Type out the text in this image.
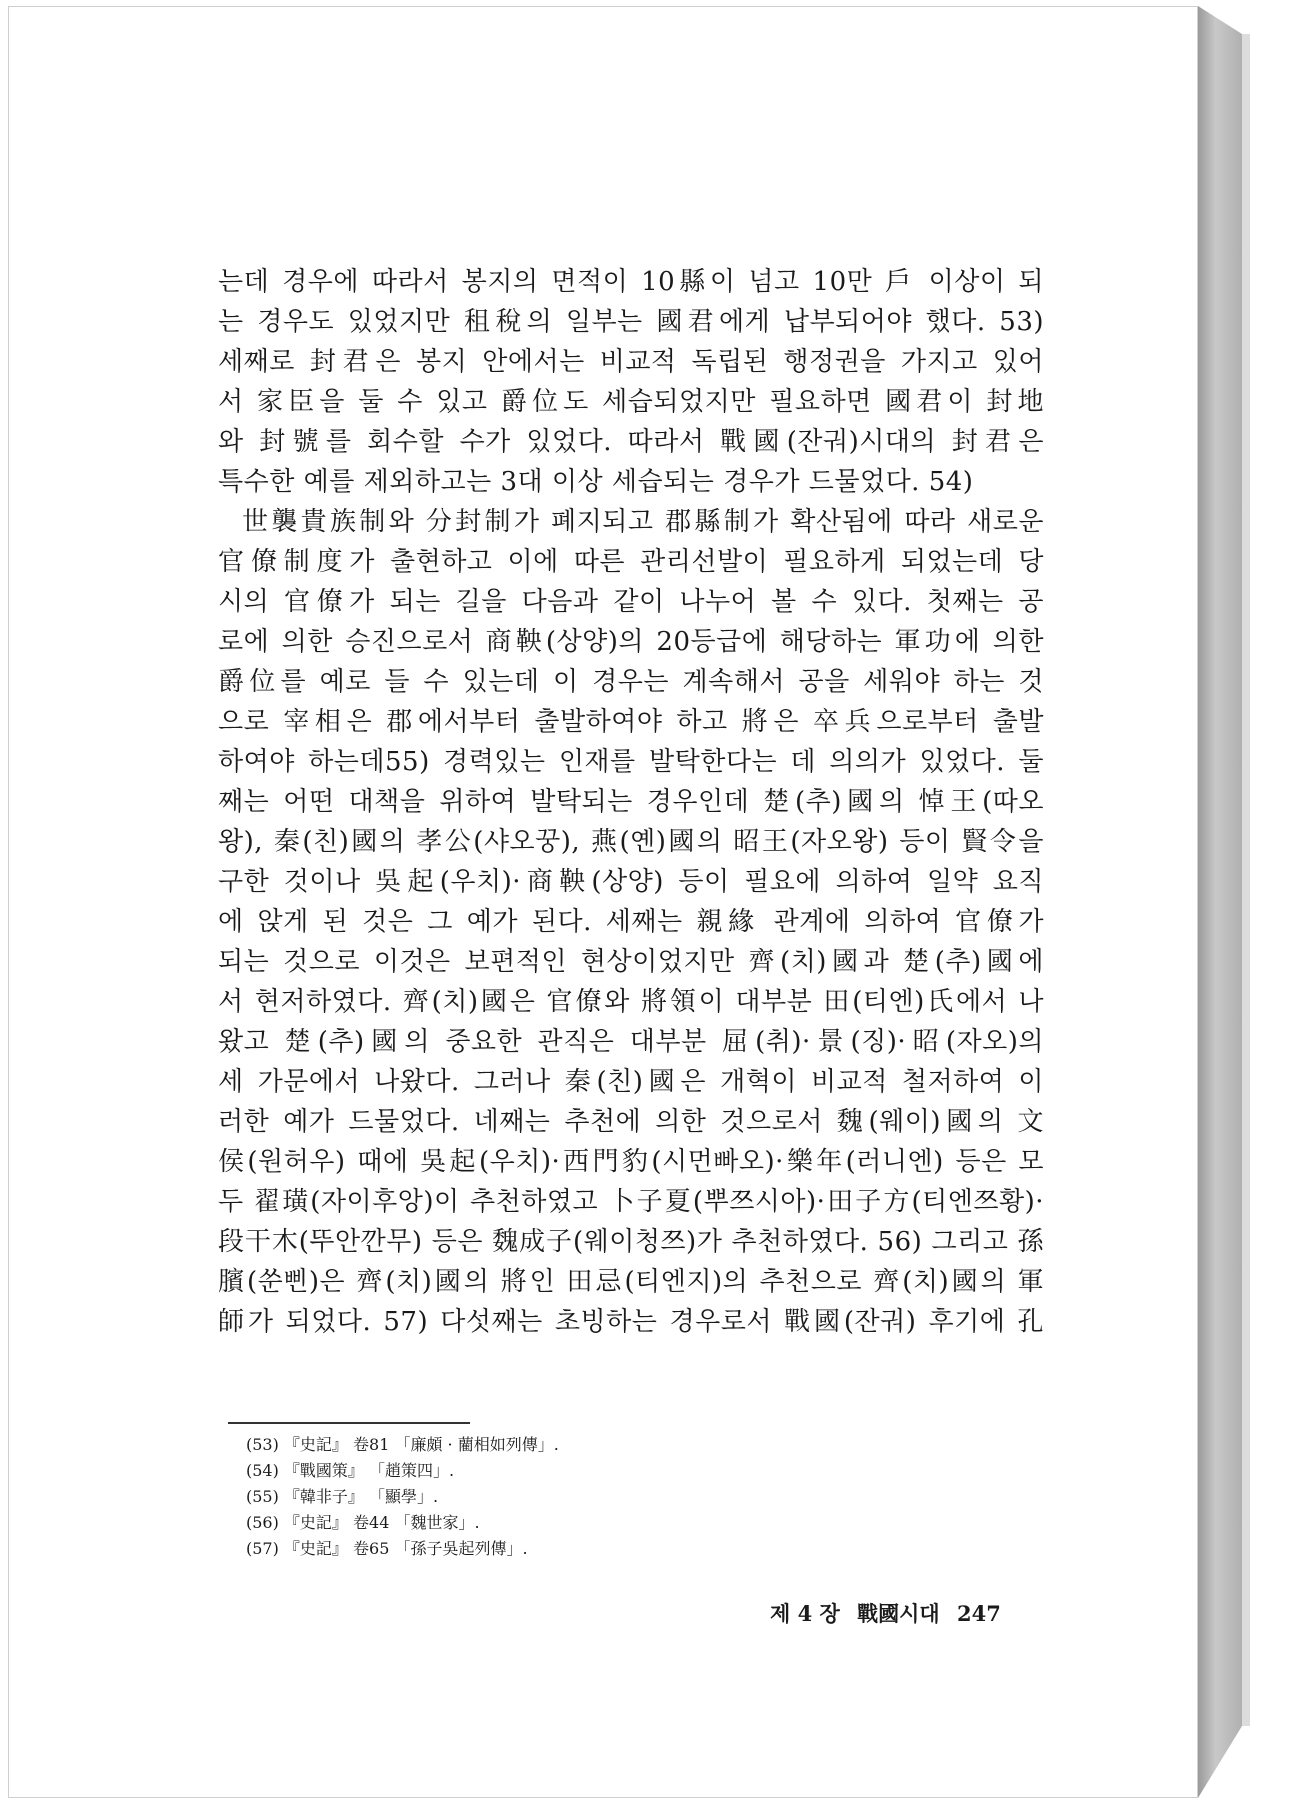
는데 경우에 따라서 봉지의 면적이 10縣이 넘고 10만 戶 이상이 되
는 경우도 있었지만 租稅의 일부는 國君에게 납부되어야 했다. 53)
세째로 封君은 봉지 안에서는 비교적 독립된 행정권을 가지고 있어
서 家臣을 둘 수 있고 爵位도 세습되었지만 필요하면 國君이 封地
와 封號를 회수할 수가 있었다. 따라서 戰國(잔궈)시대의 封君은
특수한 예를 제외하고는 3대 이상 세습되는 경우가 드물었다. 54)
世襲貴族制와 分封制가 폐지되고 郡縣制가 확산됨에 따라 새로운
官僚制度가 출현하고 이에 따른 관리선발이 필요하게 되었는데 당
시의 官僚가 되는 길을 다음과 같이 나누어 볼 수 있다. 첫째는 공
로에 의한 승진으로서 商鞅(상양)의 20등급에 해당하는 軍功에 의한
爵位를 예로 들 수 있는데 이 경우는 계속해서 공을 세워야 하는 것
으로 宰相은 郡에서부터 출발하여야 하고 將은 卒兵으로부터 출발
하여야 하는데55) 경력있는 인재를 발탁한다는 데 의의가 있었다. 둘
째는 어떤 대책을 위하여 발탁되는 경우인데 楚(추)國의 悼王(따오
왕), 秦(친)國의 孝公(샤오꿍), 燕(옌)國의 昭王(자오왕) 등이 賢令을
구한 것이나 吳起(우치)·商鞅(상양) 등이 필요에 의하여 일약 요직
에 앉게 된 것은 그 예가 된다. 세째는 親緣 관계에 의하여 官僚가
되는 것으로 이것은 보편적인 현상이었지만 齊(치)國과 楚(추)國에
서 현저하였다. 齊(치)國은 官僚와 將領이 대부분 田(티엔)氏에서 나
왔고 楚(추)國의 중요한 관직은 대부분 屈(취)·景(징)·昭(자오)의
세 가문에서 나왔다. 그러나 秦(친)國은 개혁이 비교적 철저하여 이
러한 예가 드물었다. 네째는 추천에 의한 것으로서 魏(웨이)國의 文
侯(원허우) 때에 吳起(우치)·西門豹(시먼빠오)·樂年(러니엔) 등은 모
두 翟璜(자이후앙)이 추천하였고 卜子夏(뿌쯔시아)·田子方(티엔쯔황)·
段干木(뚜안깐무) 등은 魏成子(웨이청쯔)가 추천하였다. 56) 그리고 孫
臏(쑨삔)은 齊(치)國의 將인 田忌(티엔지)의 추천으로 齊(치)國의 軍
師가 되었다. 57) 다섯째는 초빙하는 경우로서 戰國(잔궈) 후기에 孔
(53) 『史記』 卷81 「廉頗 · 藺相如列傳」.
(54) 『戰國策』 「趙策四」.
(55) 『韓非子』 「顯學」.
(56) 『史記』 卷44 「魏世家」.
(57) 『史記』 卷65 「孫子吳起列傳」.
제 4 장 戰國시대 247
